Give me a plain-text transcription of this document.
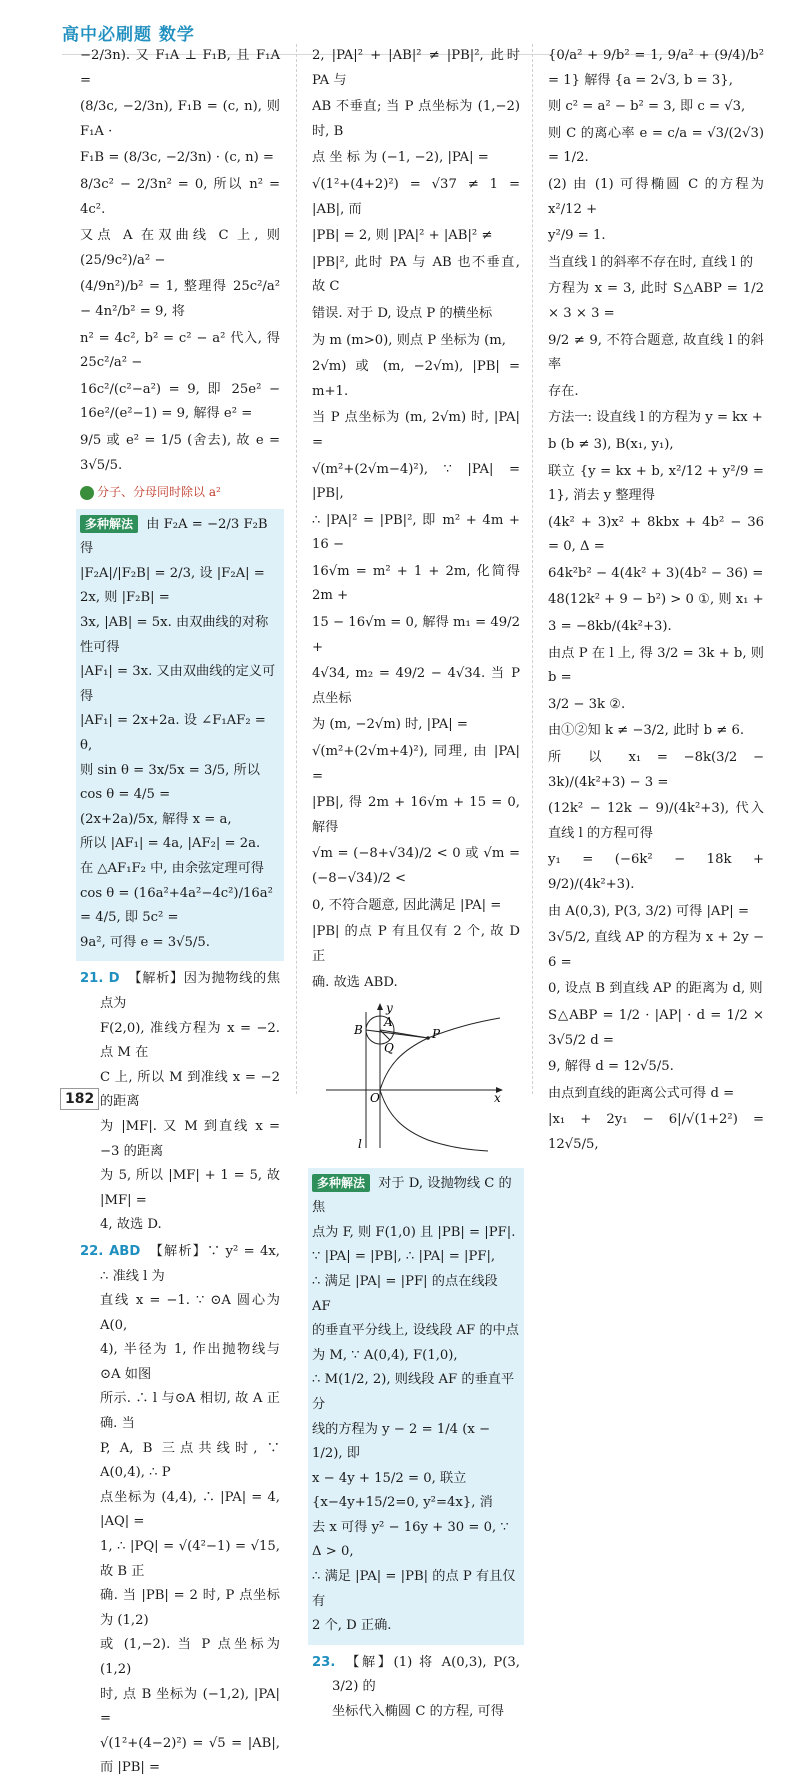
高中必刷题 数学
−2/3n). 又 F₁A ⊥ F₁B, 且 F₁A =
(8/3c, −2/3n), F₁B = (c, n), 则 F₁A ·
F₁B = (8/3c, −2/3n) · (c, n) =
8/3c² − 2/3n² = 0, 所以 n² = 4c².
又点 A 在双曲线 C 上, 则 (25/9c²)/a² −
(4/9n²)/b² = 1, 整理得 25c²/a² − 4n²/b² = 9, 将
n² = 4c², b² = c² − a² 代入, 得 25c²/a² −
16c²/(c²−a²) = 9, 即 25e² − 16e²/(e²−1) = 9, 解得 e² =
9/5 或 e² = 1/5 (舍去), 故 e = 3√5/5.
分子、分母同时除以 a²
多种解法 由 F₂A = −2/3 F₂B 得
|F₂A|/|F₂B| = 2/3, 设 |F₂A| = 2x, 则 |F₂B| =
3x, |AB| = 5x. 由双曲线的对称性可得
|AF₁| = 3x. 又由双曲线的定义可得
|AF₁| = 2x+2a. 设 ∠F₁AF₂ = θ,
则 sin θ = 3x/5x = 3/5, 所以 cos θ = 4/5 =
(2x+2a)/5x, 解得 x = a,
所以 |AF₁| = 4a, |AF₂| = 2a.
在 △AF₁F₂ 中, 由余弦定理可得
cos θ = (16a²+4a²−4c²)/16a² = 4/5, 即 5c² =
9a², 可得 e = 3√5/5.
21. D 【解析】因为抛物线的焦点为
F(2,0), 准线方程为 x = −2. 点 M 在
C 上, 所以 M 到准线 x = −2 的距离
为 |MF|. 又 M 到直线 x = −3 的距离
为 5, 所以 |MF| + 1 = 5, 故 |MF| =
4, 故选 D.
22. ABD 【解析】∵ y² = 4x, ∴ 准线 l 为
直线 x = −1. ∵ ⊙A 圆心为 A(0,
4), 半径为 1, 作出抛物线与⊙A 如图
所示. ∴ l 与⊙A 相切, 故 A 正确. 当
P, A, B 三点共线时, ∵ A(0,4), ∴ P
点坐标为 (4,4), ∴ |PA| = 4, |AQ| =
1, ∴ |PQ| = √(4²−1) = √15, 故 B 正
确. 当 |PB| = 2 时, P 点坐标为 (1,2)
或 (1,−2). 当 P 点坐标为 (1,2)
时, 点 B 坐标为 (−1,2), |PA| =
√(1²+(4−2)²) = √5 = |AB|, 而 |PB| =
2, |PA|² + |AB|² ≠ |PB|², 此时 PA 与
AB 不垂直; 当 P 点坐标为 (1,−2) 时, B
点 坐 标 为 (−1, −2), |PA| =
√(1²+(4+2)²) = √37 ≠ 1 = |AB|, 而
|PB| = 2, 则 |PA|² + |AB|² ≠
|PB|², 此时 PA 与 AB 也不垂直, 故 C
错误. 对于 D, 设点 P 的横坐标
为 m (m>0), 则点 P 坐标为 (m,
2√m) 或 (m, −2√m), |PB| = m+1.
当 P 点坐标为 (m, 2√m) 时, |PA| =
√(m²+(2√m−4)²), ∵ |PA| = |PB|,
∴ |PA|² = |PB|², 即 m² + 4m + 16 −
16√m = m² + 1 + 2m, 化简得 2m +
15 − 16√m = 0, 解得 m₁ = 49/2 +
4√34, m₂ = 49/2 − 4√34. 当 P 点坐标
为 (m, −2√m) 时, |PA| =
√(m²+(2√m+4)²), 同理, 由 |PA| =
|PB|, 得 2m + 16√m + 15 = 0, 解得
√m = (−8+√34)/2 < 0 或 √m = (−8−√34)/2 <
0, 不符合题意, 因此满足 |PA| =
|PB| 的点 P 有且仅有 2 个, 故 D 正
确. 故选 ABD.
B
A
Q
P
O	x
y
l
多种解法 对于 D, 设抛物线 C 的焦
点为 F, 则 F(1,0) 且 |PB| = |PF|.
∵ |PA| = |PB|, ∴ |PA| = |PF|,
∴ 满足 |PA| = |PF| 的点在线段 AF
的垂直平分线上, 设线段 AF 的中点
为 M, ∵ A(0,4), F(1,0),
∴ M(1/2, 2), 则线段 AF 的垂直平分
线的方程为 y − 2 = 1/4 (x − 1/2), 即
x − 4y + 15/2 = 0, 联立 {x−4y+15/2=0, y²=4x}, 消
去 x 可得 y² − 16y + 30 = 0, ∵ Δ > 0,
∴ 满足 |PA| = |PB| 的点 P 有且仅有
2 个, D 正确.
23. 【解】(1) 将 A(0,3), P(3, 3/2) 的
坐标代入椭圆 C 的方程, 可得
{0/a² + 9/b² = 1, 9/a² + (9/4)/b² = 1} 解得 {a = 2√3, b = 3},
则 c² = a² − b² = 3, 即 c = √3,
则 C 的离心率 e = c/a = √3/(2√3) = 1/2.
(2) 由 (1) 可得椭圆 C 的方程为 x²/12 +
y²/9 = 1.
当直线 l 的斜率不存在时, 直线 l 的
方程为 x = 3, 此时 S△ABP = 1/2 × 3 × 3 =
9/2 ≠ 9, 不符合题意, 故直线 l 的斜率
存在.
方法一: 设直线 l 的方程为 y = kx +
b (b ≠ 3), B(x₁, y₁),
联立 {y = kx + b, x²/12 + y²/9 = 1}, 消去 y 整理得
(4k² + 3)x² + 8kbx + 4b² − 36 = 0, Δ =
64k²b² − 4(4k² + 3)(4b² − 36) =
48(12k² + 9 − b²) > 0 ①, 则 x₁ +
3 = −8kb/(4k²+3).
由点 P 在 l 上, 得 3/2 = 3k + b, 则 b =
3/2 − 3k ②.
由①②知 k ≠ −3/2, 此时 b ≠ 6.
所 以 x₁ = −8k(3/2 − 3k)/(4k²+3) − 3 =
(12k² − 12k − 9)/(4k²+3), 代入直线 l 的方程可得
y₁ = (−6k² − 18k + 9/2)/(4k²+3).
由 A(0,3), P(3, 3/2) 可得 |AP| =
3√5/2, 直线 AP 的方程为 x + 2y − 6 =
0, 设点 B 到直线 AP 的距离为 d, 则
S△ABP = 1/2 · |AP| · d = 1/2 × 3√5/2 d =
9, 解得 d = 12√5/5.
由点到直线的距离公式可得 d =
|x₁ + 2y₁ − 6|/√(1+2²) = 12√5/5,
182
